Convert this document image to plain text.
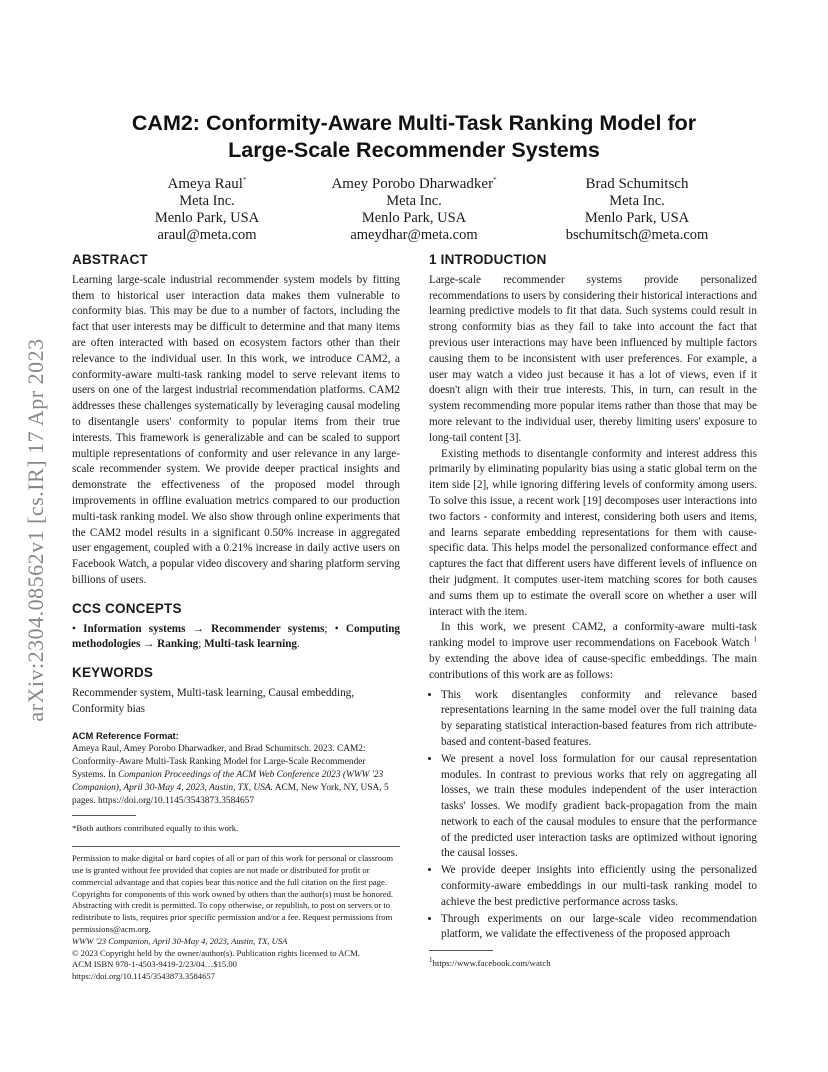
arXiv:2304.08562v1 [cs.IR] 17 Apr 2023
CAM2: Conformity-Aware Multi-Task Ranking Model for
Large-Scale Recommender Systems
Ameya Raul*
Meta Inc.
Menlo Park, USA
araul@meta.com
Amey Porobo Dharwadker*
Meta Inc.
Menlo Park, USA
ameydhar@meta.com
Brad Schumitsch
Meta Inc.
Menlo Park, USA
bschumitsch@meta.com
ABSTRACT

Learning large-scale industrial recommender system models by fitting them to historical user interaction data makes them vulnerable to conformity bias. This may be due to a number of factors, including the fact that user interests may be difficult to determine and that many items are often interacted with based on ecosystem factors other than their relevance to the individual user. In this work, we introduce CAM2, a conformity-aware multi-task ranking model to serve relevant items to users on one of the largest industrial recommendation platforms. CAM2 addresses these challenges systematically by leveraging causal modeling to disentangle users' conformity to popular items from their true interests. This framework is generalizable and can be scaled to support multiple representations of conformity and user relevance in any large-scale recommender system. We provide deeper practical insights and demonstrate the effectiveness of the proposed model through improvements in offline evaluation metrics compared to our production multi-task ranking model. We also show through online experiments that the CAM2 model results in a significant 0.50% increase in aggregated user engagement, coupled with a 0.21% increase in daily active users on Facebook Watch, a popular video discovery and sharing platform serving billions of users.

CCS CONCEPTS

• Information systems → Recommender systems; • Computing methodologies → Ranking; Multi-task learning.

KEYWORDS

Recommender system, Multi-task learning, Causal embedding, Conformity bias

ACM Reference Format:

Ameya Raul, Amey Porobo Dharwadker, and Brad Schumitsch. 2023. CAM2: Conformity-Aware Multi-Task Ranking Model for Large-Scale Recommender Systems. In Companion Proceedings of the ACM Web Conference 2023 (WWW '23 Companion), April 30-May 4, 2023, Austin, TX, USA. ACM, New York, NY, USA, 5 pages. https://doi.org/10.1145/3543873.3584657

*Both authors contributed equally to this work.
Permission to make digital or hard copies of all or part of this work for personal or classroom use is granted without fee provided that copies are not made or distributed for profit or commercial advantage and that copies bear this notice and the full citation on the first page. Copyrights for components of this work owned by others than the author(s) must be honored. Abstracting with credit is permitted. To copy otherwise, or republish, to post on servers or to redistribute to lists, requires prior specific permission and/or a fee. Request permissions from permissions@acm.org.
WWW '23 Companion, April 30-May 4, 2023, Austin, TX, USA
© 2023 Copyright held by the owner/author(s). Publication rights licensed to ACM.
ACM ISBN 978-1-4503-9419-2/23/04…$15.00
https://doi.org/10.1145/3543873.3584657
1 INTRODUCTION

Large-scale recommender systems provide personalized recommendations to users by considering their historical interactions and learning predictive models to fit that data. Such systems could result in strong conformity bias as they fail to take into account the fact that previous user interactions may have been influenced by multiple factors causing them to be inconsistent with user preferences. For example, a user may watch a video just because it has a lot of views, even if it doesn't align with their true interests. This, in turn, can result in the system recommending more popular items rather than those that may be more relevant to the individual user, thereby limiting users' exposure to long-tail content [3].

Existing methods to disentangle conformity and interest address this primarily by eliminating popularity bias using a static global term on the item side [2], while ignoring differing levels of conformity among users. To solve this issue, a recent work [19] decomposes user interactions into two factors - conformity and interest, considering both users and items, and learns separate embedding representations for them with cause-specific data. This helps model the personalized conformance effect and captures the fact that different users have different levels of influence on their judgment. It computes user-item matching scores for both causes and sums them up to estimate the overall score on whether a user will interact with the item.

In this work, we present CAM2, a conformity-aware multi-task ranking model to improve user recommendations on Facebook Watch $^1$ by extending the above idea of cause-specific embeddings. The main contributions of this work are as follows:

• This work disentangles conformity and relevance based representations learning in the same model over the full training data by separating statistical interaction-based features from rich attribute-based and content-based features.
• We present a novel loss formulation for our causal representation modules. In contrast to previous works that rely on aggregating all losses, we train these modules independent of the user interaction tasks' losses. We modify gradient back-propagation from the main network to each of the causal modules to ensure that the performance of the predicted user interaction tasks are optimized without ignoring the causal losses.
• We provide deeper insights into efficiently using the personalized conformity-aware embeddings in our multi-task ranking model to achieve the best predictive performance across tasks.
• Through experiments on our large-scale video recommendation platform, we validate the effectiveness of the proposed approach
$^1$https://www.facebook.com/watch
